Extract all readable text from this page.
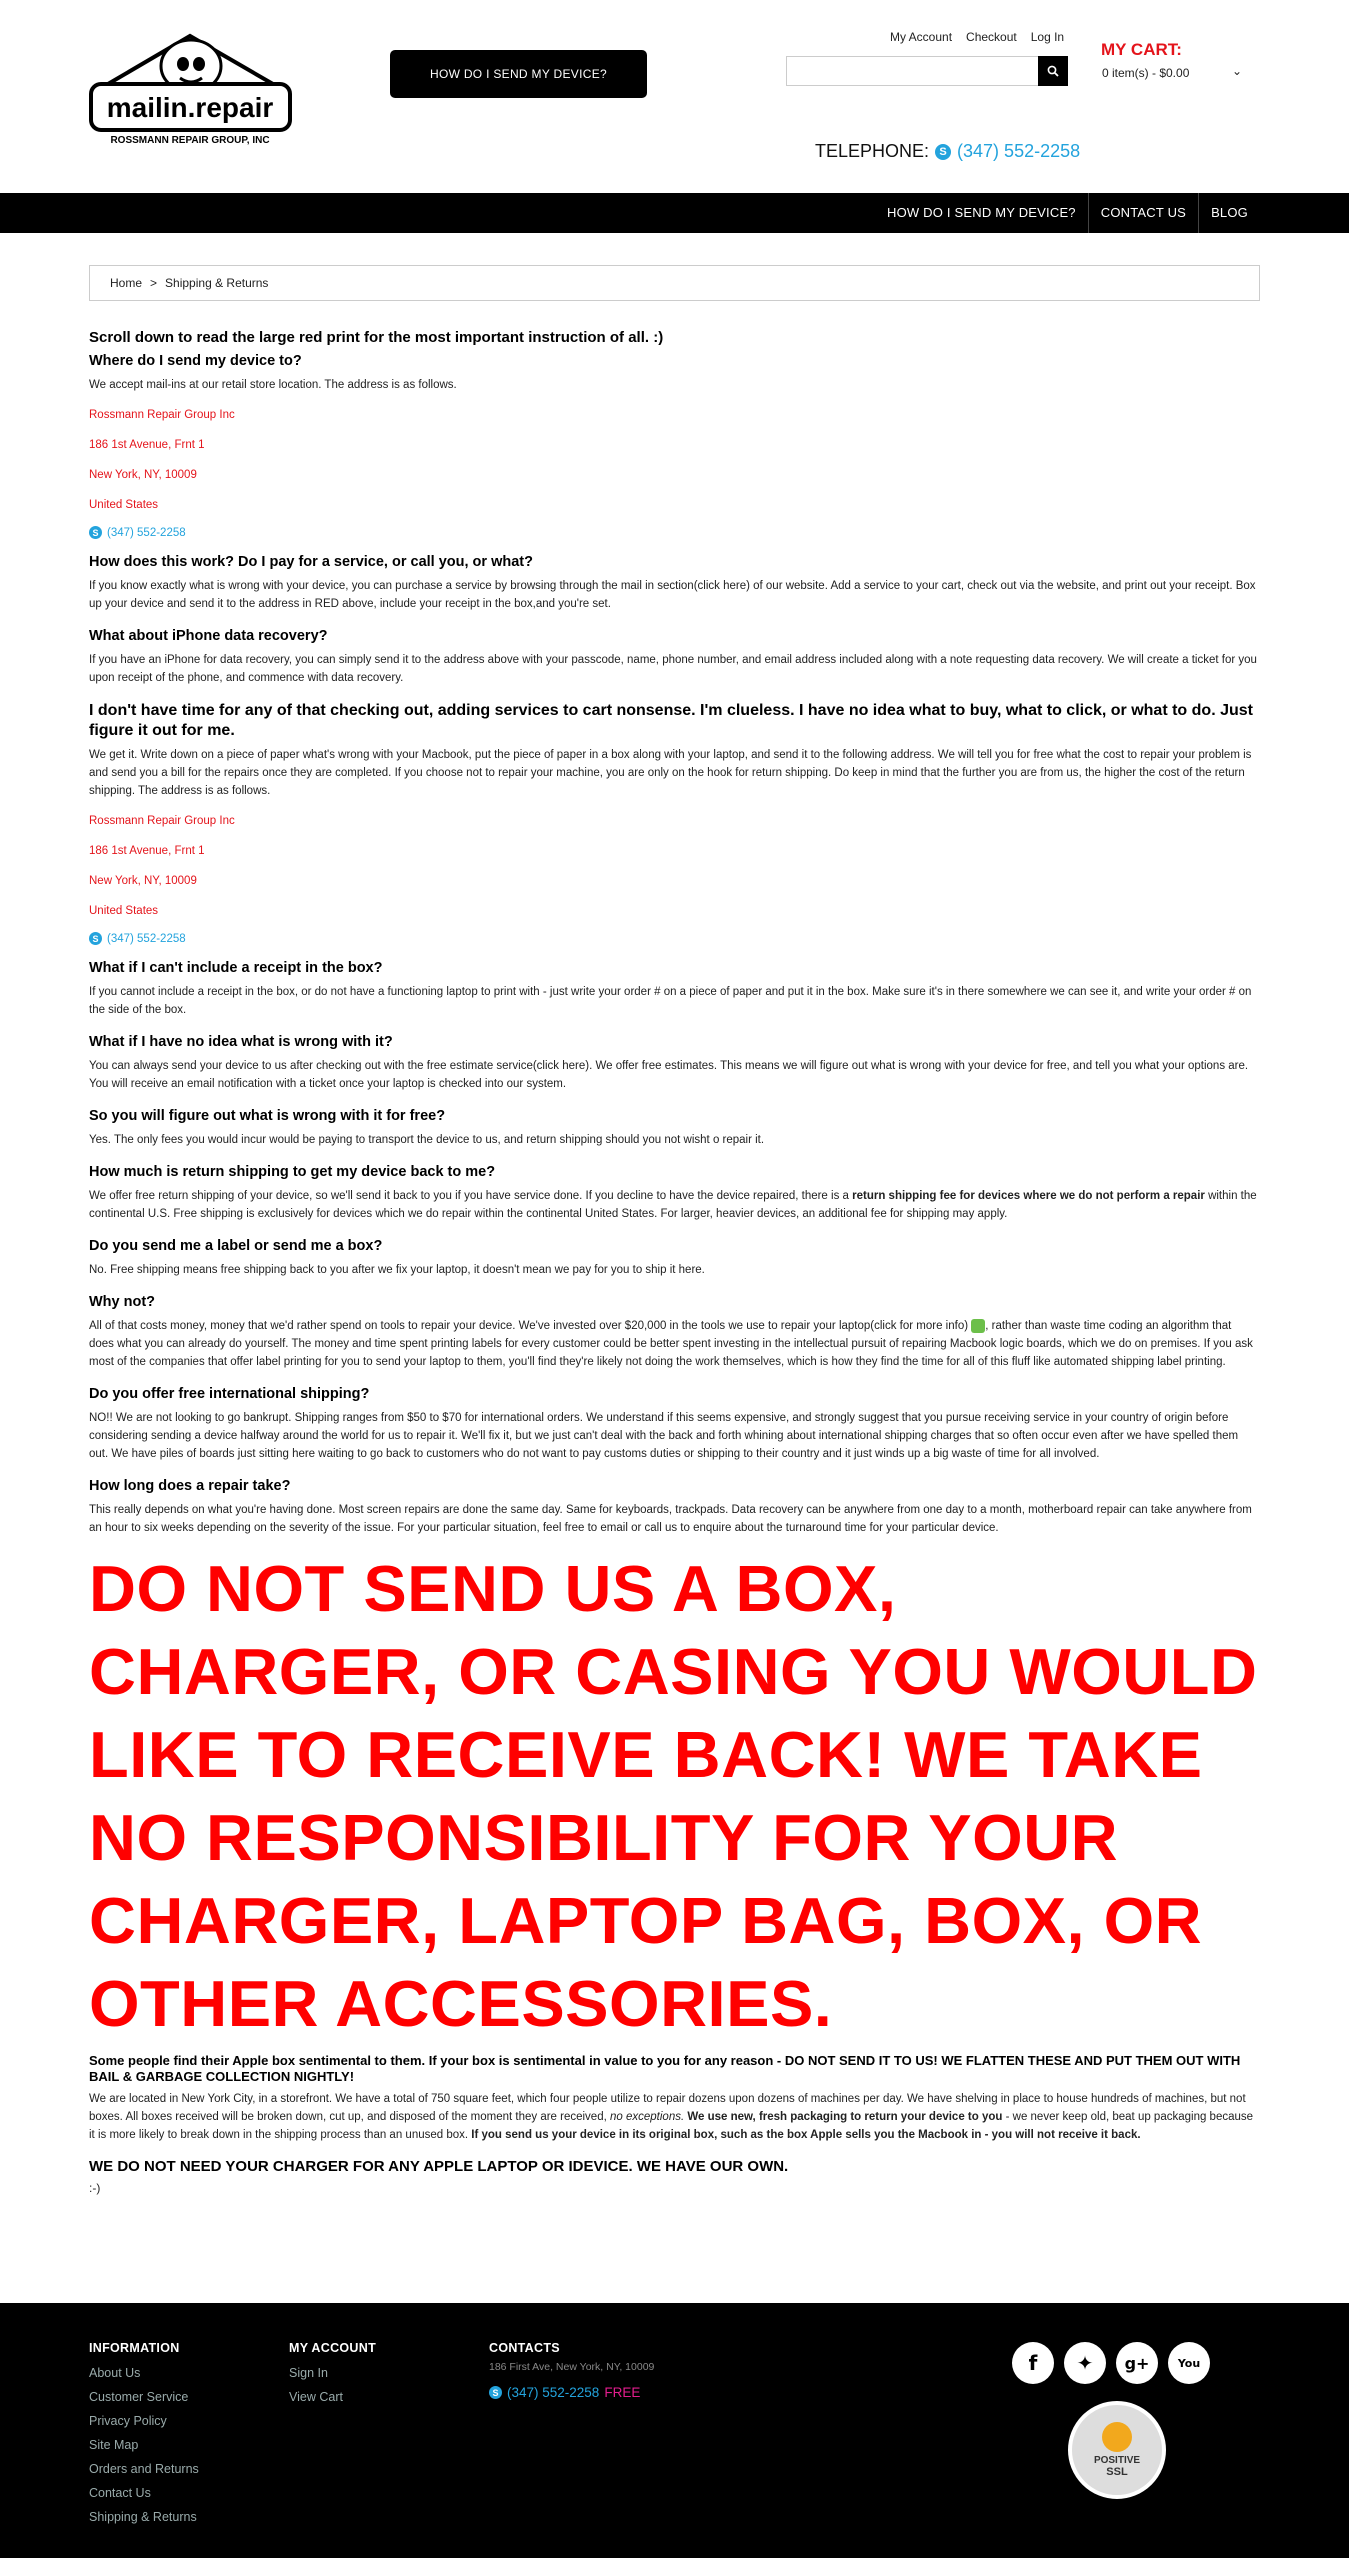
mailin.repair
ROSSMANN REPAIR GROUP, INC
HOW DO I SEND MY DEVICE?
My Account Checkout Log In
MY CART:
0 item(s) - $0.00	⌄
TELEPHONE: S (347) 552-2258
HOW DO I SEND MY DEVICE?	CONTACT US	BLOG
Home > Shipping & Returns
Scroll down to read the large red print for the most important instruction of all. :)
Where do I send my device to?

We accept mail-ins at our retail store location. The address is as follows.

Rossmann Repair Group Inc
186 1st Avenue, Frnt 1
New York, NY, 10009
United States
S (347) 552-2258
How does this work? Do I pay for a service, or call you, or what?

If you know exactly what is wrong with your device, you can purchase a service by browsing through the mail in section(click here) of our website. Add a service to your cart, check out via the website, and print out your receipt. Box up your device and send it to the address in RED above, include your receipt in the box,and you're set.

What about iPhone data recovery?

If you have an iPhone for data recovery, you can simply send it to the address above with your passcode, name, phone number, and email address included along with a note requesting data recovery. We will create a ticket for you upon receipt of the phone, and commence with data recovery.

I don't have time for any of that checking out, adding services to cart nonsense. I'm clueless. I have no idea what to buy, what to click, or what to do. Just figure it out for me.

We get it. Write down on a piece of paper what's wrong with your Macbook, put the piece of paper in a box along with your laptop, and send it to the following address. We will tell you for free what the cost to repair your problem is and send you a bill for the repairs once they are completed. If you choose not to repair your machine, you are only on the hook for return shipping. Do keep in mind that the further you are from us, the higher the cost of the return shipping. The address is as follows.

Rossmann Repair Group Inc
186 1st Avenue, Frnt 1
New York, NY, 10009
United States
S (347) 552-2258
What if I can't include a receipt in the box?

If you cannot include a receipt in the box, or do not have a functioning laptop to print with - just write your order # on a piece of paper and put it in the box. Make sure it's in there somewhere we can see it, and write your order # on the side of the box.

What if I have no idea what is wrong with it?

You can always send your device to us after checking out with the free estimate service(click here). We offer free estimates. This means we will figure out what is wrong with your device for free, and tell you what your options are. You will receive an email notification with a ticket once your laptop is checked into our system.

So you will figure out what is wrong with it for free?

Yes. The only fees you would incur would be paying to transport the device to us, and return shipping should you not wisht o repair it.

How much is return shipping to get my device back to me?

We offer free return shipping of your device, so we'll send it back to you if you have service done. If you decline to have the device repaired, there is a return shipping fee for devices where we do not perform a repair within the continental U.S. Free shipping is exclusively for devices which we do repair within the continental United States. For larger, heavier devices, an additional fee for shipping may apply.

Do you send me a label or send me a box?

No. Free shipping means free shipping back to you after we fix your laptop, it doesn't mean we pay for you to ship it here.

Why not?

All of that costs money, money that we'd rather spend on tools to repair your device. We've invested over $20,000 in the tools we use to repair your laptop(click for more info) , rather than waste time coding an algorithm that does what you can already do yourself. The money and time spent printing labels for every customer could be better spent investing in the intellectual pursuit of repairing Macbook logic boards, which we do on premises. If you ask most of the companies that offer label printing for you to send your laptop to them, you'll find they're likely not doing the work themselves, which is how they find the time for all of this fluff like automated shipping label printing.

Do you offer free international shipping?

NO!! We are not looking to go bankrupt. Shipping ranges from $50 to $70 for international orders. We understand if this seems expensive, and strongly suggest that you pursue receiving service in your country of origin before considering sending a device halfway around the world for us to repair it. We'll fix it, but we just can't deal with the back and forth whining about international shipping charges that so often occur even after we have spelled them out. We have piles of boards just sitting here waiting to go back to customers who do not want to pay customs duties or shipping to their country and it just winds up a big waste of time for all involved.

How long does a repair take?

This really depends on what you're having done. Most screen repairs are done the same day. Same for keyboards, trackpads. Data recovery can be anywhere from one day to a month, motherboard repair can take anywhere from an hour to six weeks depending on the severity of the issue. For your particular situation, feel free to email or call us to enquire about the turnaround time for your particular device.

DO NOT SEND US A BOX, CHARGER, OR CASING YOU WOULD LIKE TO RECEIVE BACK! WE TAKE NO RESPONSIBILITY FOR YOUR CHARGER, LAPTOP BAG, BOX, OR OTHER ACCESSORIES.
Some people find their Apple box sentimental to them. If your box is sentimental in value to you for any reason - DO NOT SEND IT TO US! WE FLATTEN THESE AND PUT THEM OUT WITH BAIL & GARBAGE COLLECTION NIGHTLY!

We are located in New York City, in a storefront. We have a total of 750 square feet, which four people utilize to repair dozens upon dozens of machines per day. We have shelving in place to house hundreds of machines, but not boxes. All boxes received will be broken down, cut up, and disposed of the moment they are received, no exceptions. We use new, fresh packaging to return your device to you - we never keep old, beat up packaging because it is more likely to break down in the shipping process than an unused box. If you send us your device in its original box, such as the box Apple sells you the Macbook in - you will not receive it back.

WE DO NOT NEED YOUR CHARGER FOR ANY APPLE LAPTOP OR IDEVICE. WE HAVE OUR OWN.
:-)
INFORMATION
About Us
Customer Service
Privacy Policy
Site Map
Orders and Returns
Contact Us
Shipping & Returns
MY ACCOUNT
Sign In
View Cart
CONTACTS
186 First Ave, New York, NY, 10009
S (347) 552-2258 FREE
f	✦	g+	You
POSITIVE
SSL
